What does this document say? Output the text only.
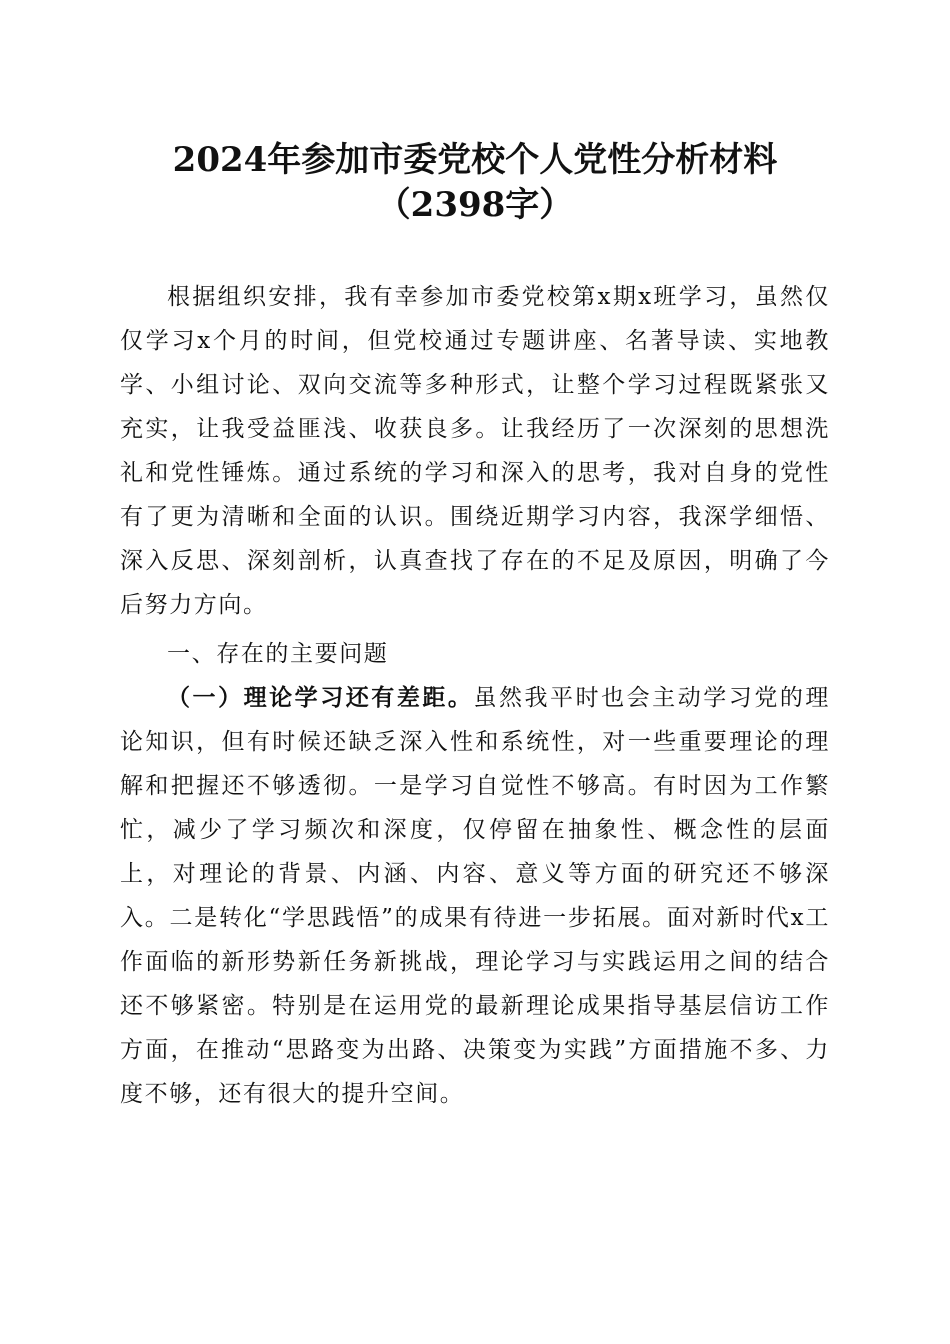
2024年参加市委党校个人党性分析材料
（2398字）

根据组织安排，我有幸参加市委党校第x期x班学习，虽然仅仅学习x个月的时间，但党校通过专题讲座、名著导读、实地教学、小组讨论、双向交流等多种形式，让整个学习过程既紧张又充实，让我受益匪浅、收获良多。让我经历了一次深刻的思想洗礼和党性锤炼。通过系统的学习和深入的思考，我对自身的党性有了更为清晰和全面的认识。围绕近期学习内容，我深学细悟、深入反思、深刻剖析，认真查找了存在的不足及原因，明确了今后努力方向。

一、存在的主要问题

（一）理论学习还有差距。虽然我平时也会主动学习党的理论知识，但有时候还缺乏深入性和系统性，对一些重要理论的理解和把握还不够透彻。一是学习自觉性不够高。有时因为工作繁忙，减少了学习频次和深度，仅停留在抽象性、概念性的层面上，对理论的背景、内涵、内容、意义等方面的研究还不够深入。二是转化“学思践悟”的成果有待进一步拓展。面对新时代x工作面临的新形势新任务新挑战，理论学习与实践运用之间的结合还不够紧密。特别是在运用党的最新理论成果指导基层信访工作方面，在推动“思路变为出路、决策变为实践”方面措施不多、力度不够，还有很大的提升空间。
